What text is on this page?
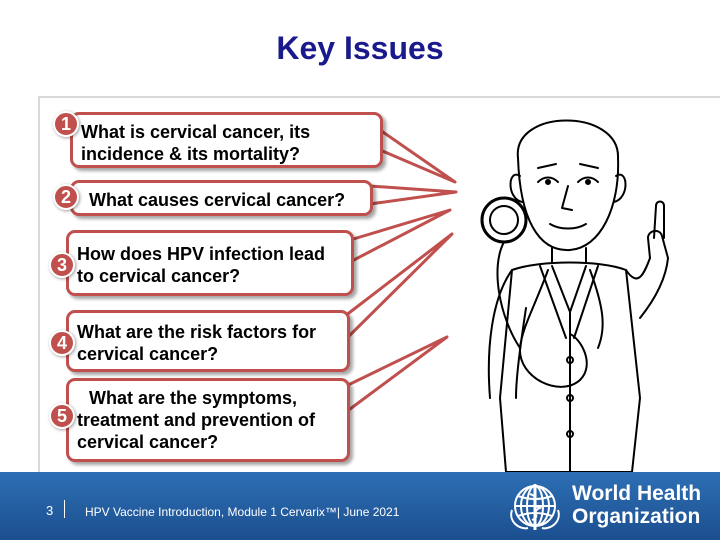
Key Issues
What is cervical cancer, its
incidence & its mortality?
1
What causes cervical cancer?
2
How does HPV infection lead
to cervical cancer?
3
What are the risk factors for
cervical cancer?
4
What are the symptoms,
treatment and prevention of
cervical cancer?
5
3	HPV Vaccine Introduction, Module 1 Cervarix™| June 2021
World Health
Organization
